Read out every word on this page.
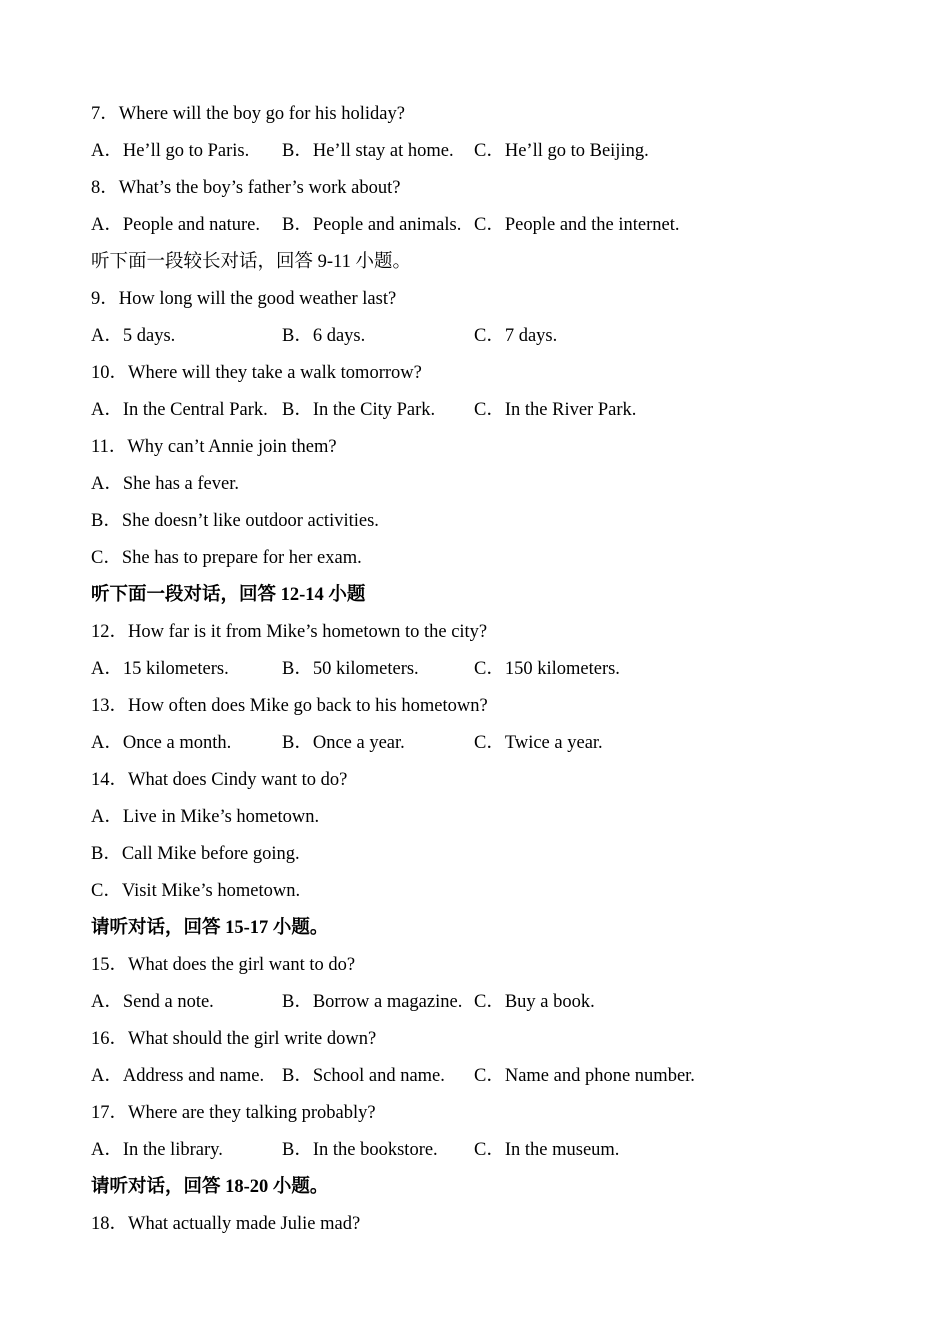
7．Where will the boy go for his holiday?
A．He’ll go to Paris. B．He’ll stay at home. C．He’ll go to Beijing.
8．What’s the boy’s father’s work about?
A．People and nature. B．People and animals. C．People and the internet.
听下面一段较长对话，回答 9-11 小题。
9．How long will the good weather last?
A．5 days.	B．6 days.	C．7 days.
10．Where will they take a walk tomorrow?
A．In the Central Park. B．In the City Park. C．In the River Park.
11．Why can’t Annie join them?
A．She has a fever.
B．She doesn’t like outdoor activities.
C．She has to prepare for her exam.
听下面一段对话，回答 12-14 小题
12．How far is it from Mike’s hometown to the city?
A．15 kilometers.	B．50 kilometers.	C．150 kilometers.
13．How often does Mike go back to his hometown?
A．Once a month.	B．Once a year.	C．Twice a year.
14．What does Cindy want to do?
A．Live in Mike’s hometown.
B．Call Mike before going.
C．Visit Mike’s hometown.
请听对话，回答 15-17 小题。
15．What does the girl want to do?
A．Send a note.	B．Borrow a magazine. C．Buy a book.
16．What should the girl write down?
A．Address and name. B．School and name. C．Name and phone number.
17．Where are they talking probably?
A．In the library.	B．In the bookstore. C．In the museum.
请听对话，回答 18-20 小题。
18．What actually made Julie mad?
